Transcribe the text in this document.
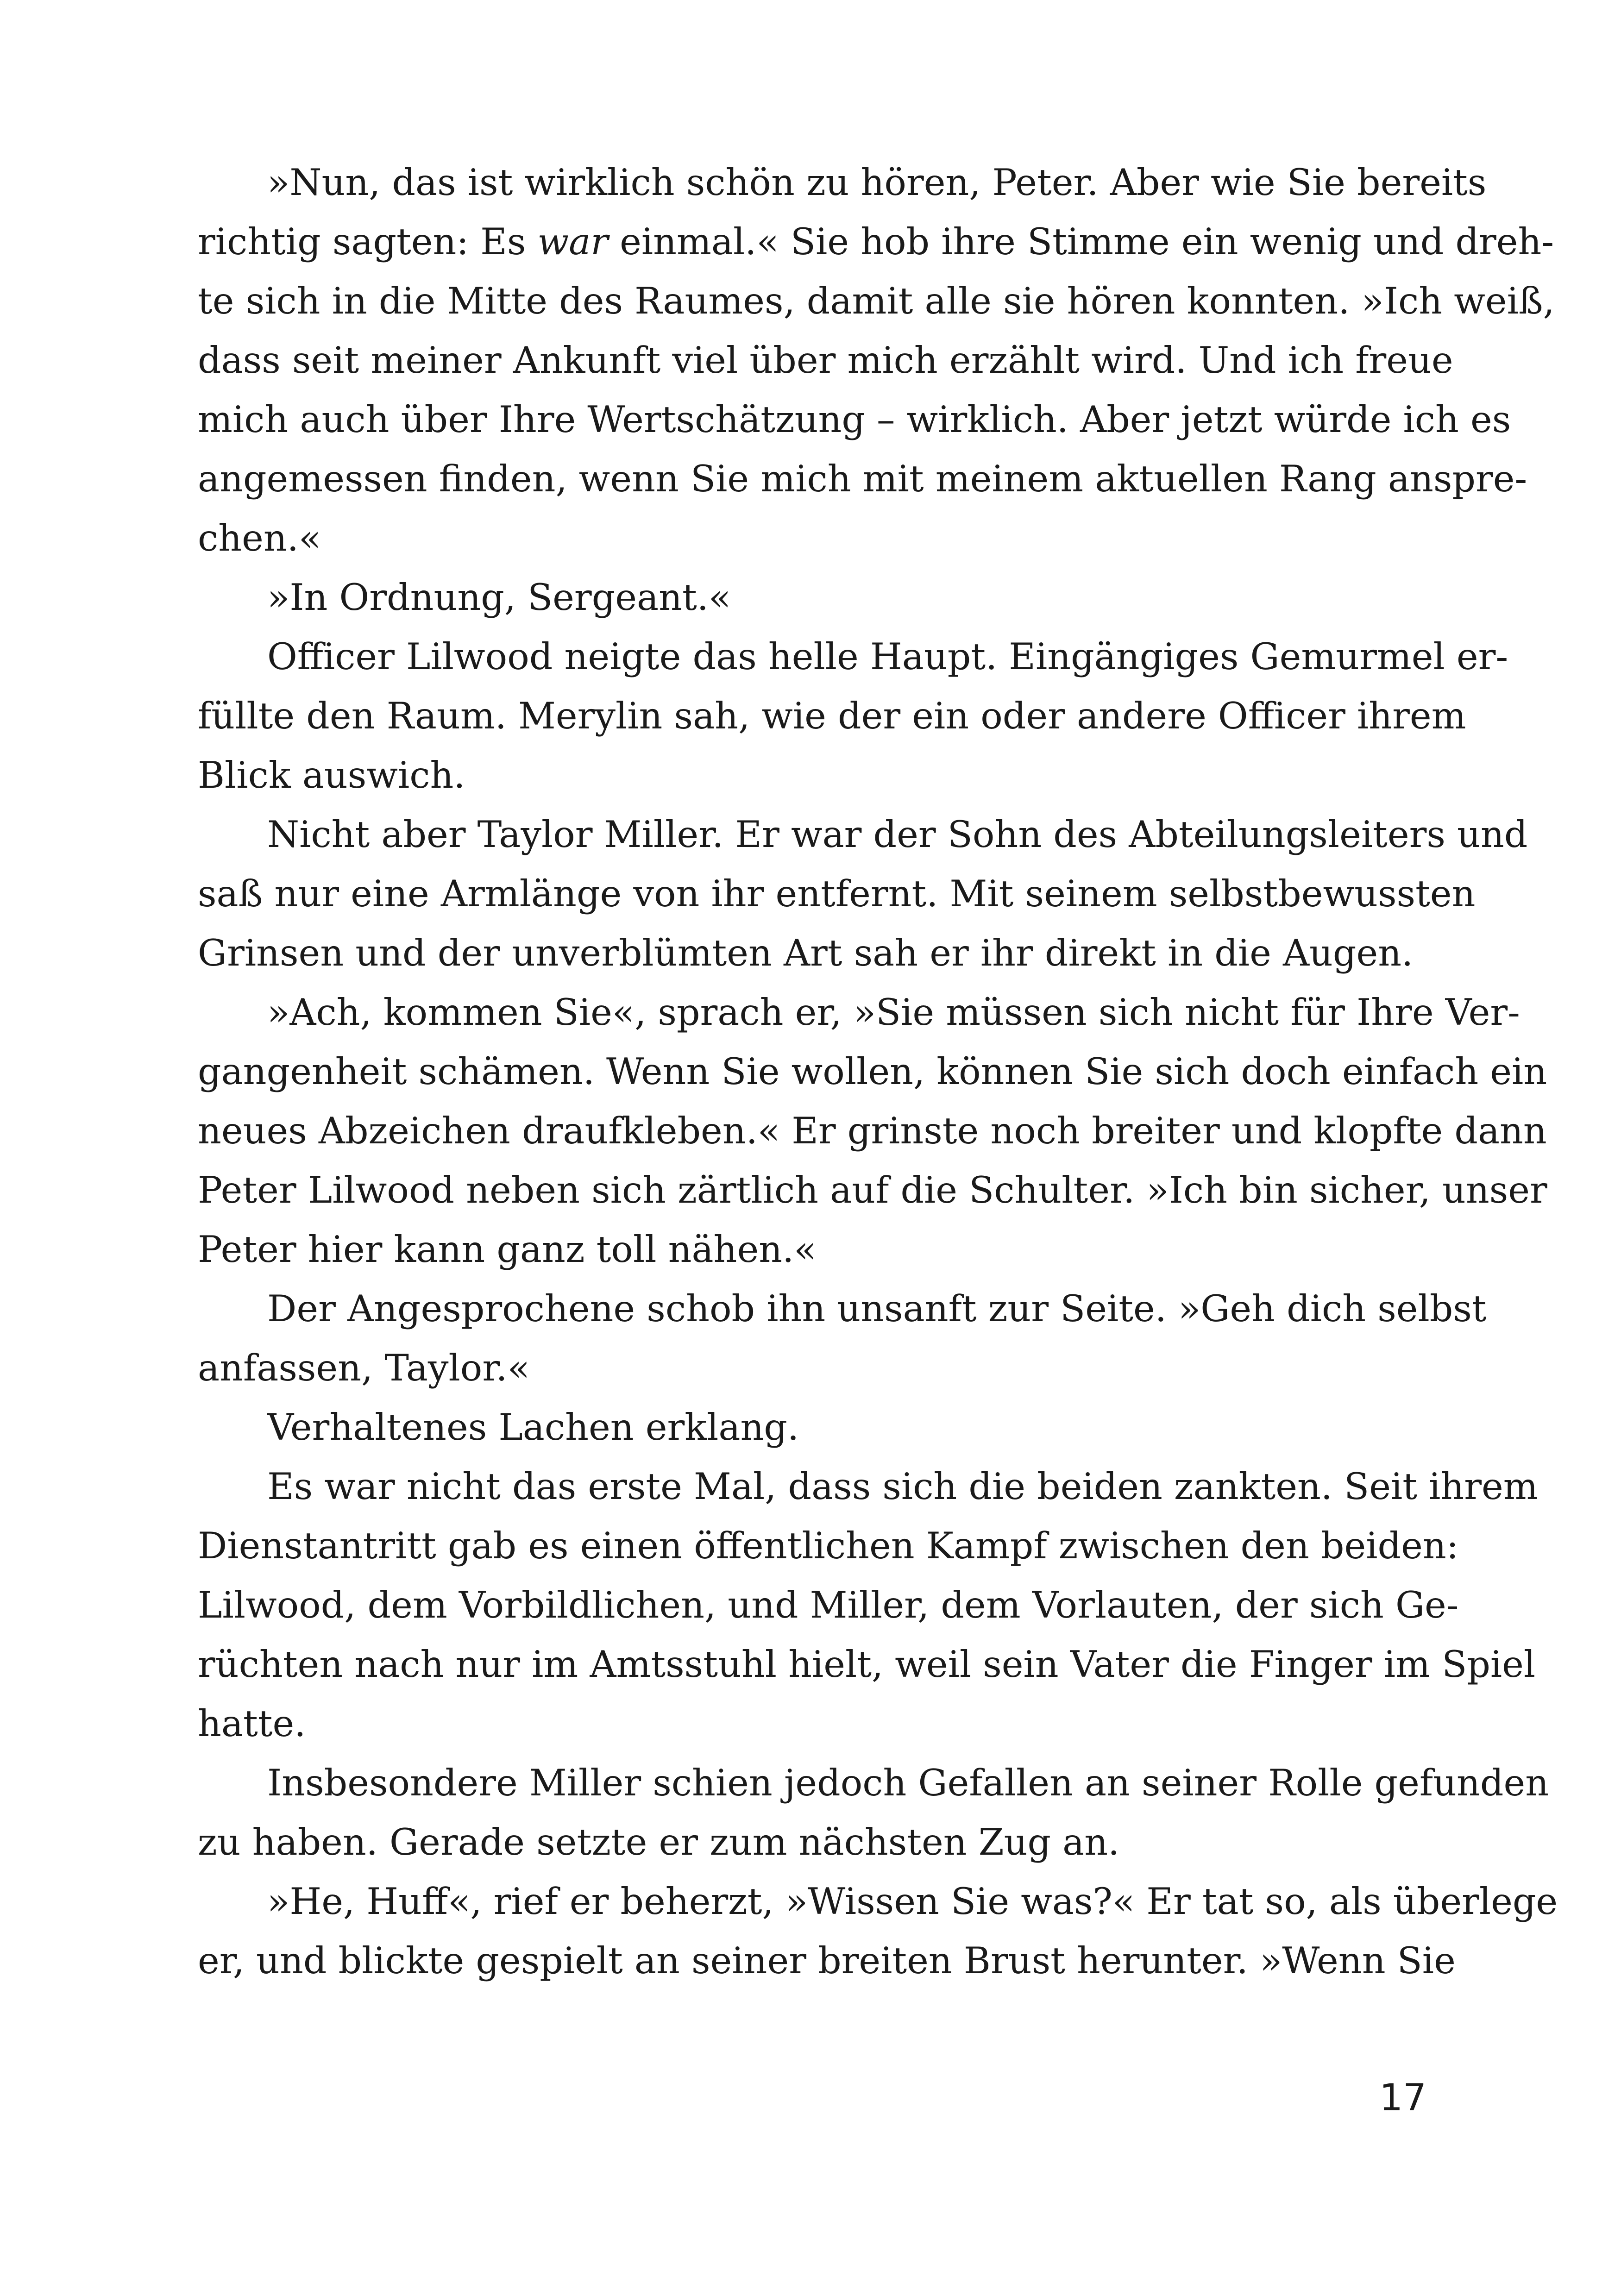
»Nun, das ist wirklich schön zu hören, Peter. Aber wie Sie bereits
richtig sagten: Es war einmal.« Sie hob ihre Stimme ein wenig und dreh-
te sich in die Mitte des Raumes, damit alle sie hören konnten. »Ich weiß,
dass seit meiner Ankunft viel über mich erzählt wird. Und ich freue
mich auch über Ihre Wertschätzung – wirklich. Aber jetzt würde ich es
angemessen finden, wenn Sie mich mit meinem aktuellen Rang anspre-
chen.«
»In Ordnung, Sergeant.«
Officer Lilwood neigte das helle Haupt. Eingängiges Gemurmel er-
füllte den Raum. Merylin sah, wie der ein oder andere Officer ihrem
Blick auswich.
Nicht aber Taylor Miller. Er war der Sohn des Abteilungsleiters und
saß nur eine Armlänge von ihr entfernt. Mit seinem selbstbewussten
Grinsen und der unverblümten Art sah er ihr direkt in die Augen.
»Ach, kommen Sie«, sprach er, »Sie müssen sich nicht für Ihre Ver-
gangenheit schämen. Wenn Sie wollen, können Sie sich doch einfach ein
neues Abzeichen draufkleben.« Er grinste noch breiter und klopfte dann
Peter Lilwood neben sich zärtlich auf die Schulter. »Ich bin sicher, unser
Peter hier kann ganz toll nähen.«
Der Angesprochene schob ihn unsanft zur Seite. »Geh dich selbst
anfassen, Taylor.«
Verhaltenes Lachen erklang.
Es war nicht das erste Mal, dass sich die beiden zankten. Seit ihrem
Dienstantritt gab es einen öffentlichen Kampf zwischen den beiden:
Lilwood, dem Vorbildlichen, und Miller, dem Vorlauten, der sich Ge-
rüchten nach nur im Amtsstuhl hielt, weil sein Vater die Finger im Spiel
hatte.
Insbesondere Miller schien jedoch Gefallen an seiner Rolle gefunden
zu haben. Gerade setzte er zum nächsten Zug an.
»He, Huff«, rief er beherzt, »Wissen Sie was?« Er tat so, als überlege
er, und blickte gespielt an seiner breiten Brust herunter. »Wenn Sie
17
